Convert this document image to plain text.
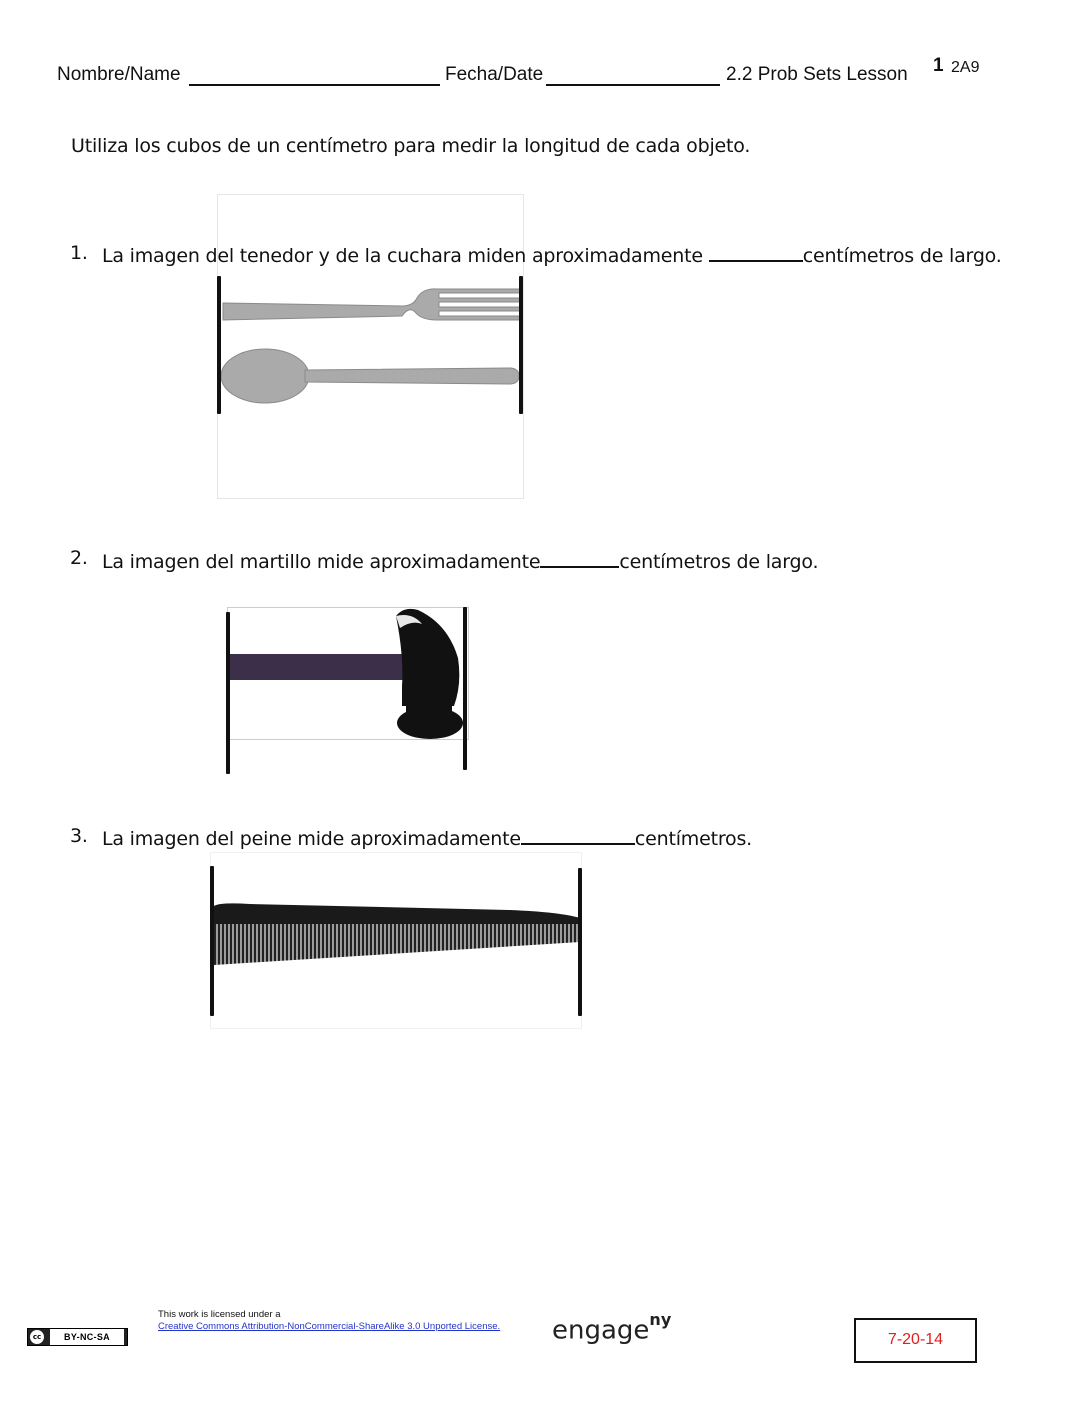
Nombre/Name	Fecha/Date	2.2 Prob Sets Lesson 1 2A9
Utiliza los cubos de un centímetro para medir la longitud de cada objeto.
1. La imagen del tenedor y de la cuchara miden aproximadamente	centímetros de largo.
2. La imagen del martillo mide aproximadamente	centímetros de largo.
3. La imagen del peine mide aproximadamente	centímetros.
cc	BY-NC-SA
This work is licensed under a
Creative Commons Attribution-NonCommercial-ShareAlike 3.0 Unported License. engage$^{ny}$
7-20-14
